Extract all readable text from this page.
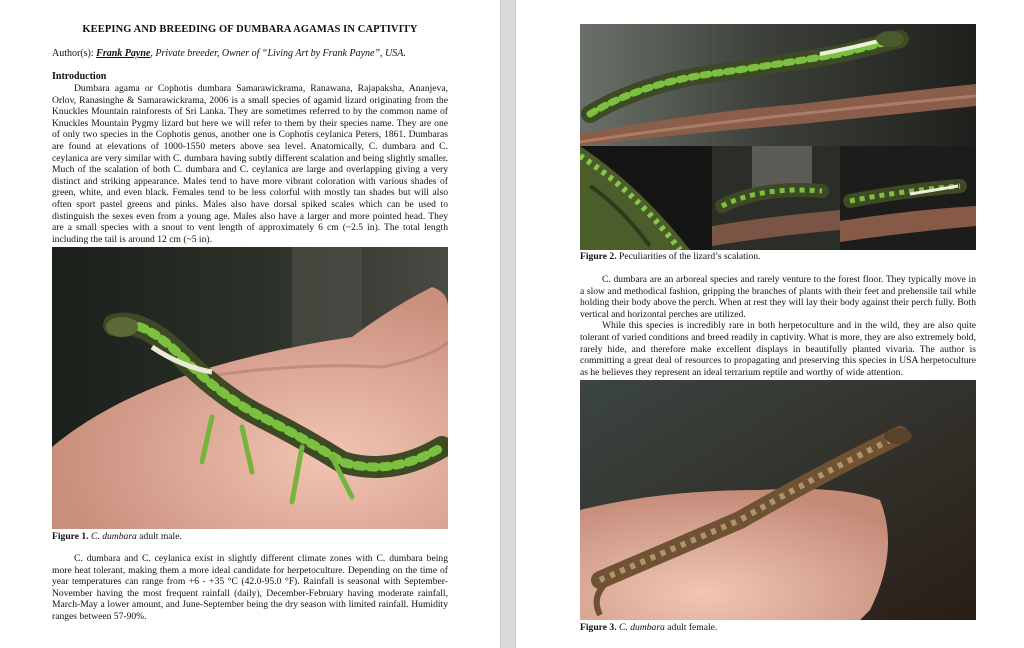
KEEPING AND BREEDING OF DUMBARA AGAMAS IN CAPTIVITY
Author(s): Frank Payne, Private breeder, Owner of “Living Art by Frank Payne”, USA.
Introduction
Dumbara agama or Cophotis dumbara Samarawickrama, Ranawana, Rajapaksha, Ananjeva, Orlov, Ranasinghe & Samarawickrama, 2006 is a small species of agamid lizard originating from the Knuckles Mountain rainforests of Sri Lanka. They are sometimes referred to by the common name of Knuckles Mountain Pygmy lizard but here we will refer to them by their species name. They are one of only two species in the Cophotis genus, another one is Cophotis ceylanica Peters, 1861. Dumbaras are found at elevations of 1000-1550 meters above sea level. Anatomically, C. dumbara and C. ceylanica are very similar with C. dumbara having subtly different scalation and being slightly smaller. Much of the scalation of both C. dumbara and C. ceylanica are large and overlapping giving a very distinct and striking appearance. Males tend to have more vibrant coloration with various shades of green, white, and even black. Females tend to be less colorful with mostly tan shades but will also often sport pastel greens and pinks. Males also have dorsal spiked scales which can be used to distinguish the sexes even from a young age. Males also have a larger and more pointed head. They are a small species with a snout to vent length of approximately 6 cm (~2.5 in). The total length including the tail is around 12 cm (~5 in).
Figure 1. C. dumbara adult male.
C. dumbara and C. ceylanica exist in slightly different climate zones with C. dumbara being more heat tolerant, making them a more ideal candidate for herpetoculture. Depending on the time of year temperatures can range from +6 - +35 °C (42.0-95.0 °F). Rainfall is seasonal with September-November having the most frequent rainfall (daily), December-February having moderate rainfall, March-May a lower amount, and June-September being the dry season with limited rainfall. Humidity ranges between 57-90%.
Figure 2. Peculiarities of the lizard’s scalation.
C. dumbara are an arboreal species and rarely venture to the forest floor. They typically move in a slow and methodical fashion, gripping the branches of plants with their feet and prehensile tail while holding their body above the perch. When at rest they will lay their body against their perch fully. Both vertical and horizontal perches are utilized.
While this species is incredibly rare in both herpetoculture and in the wild, they are also quite tolerant of varied conditions and breed readily in captivity. What is more, they are also extremely bold, rarely hide, and therefore make excellent displays in beautifully planted vivaria. The author is committing a great deal of resources to propagating and preserving this species in USA herpetoculture as he believes they represent an ideal terrarium reptile and worthy of wide attention.
Figure 3. C. dumbara adult female.
